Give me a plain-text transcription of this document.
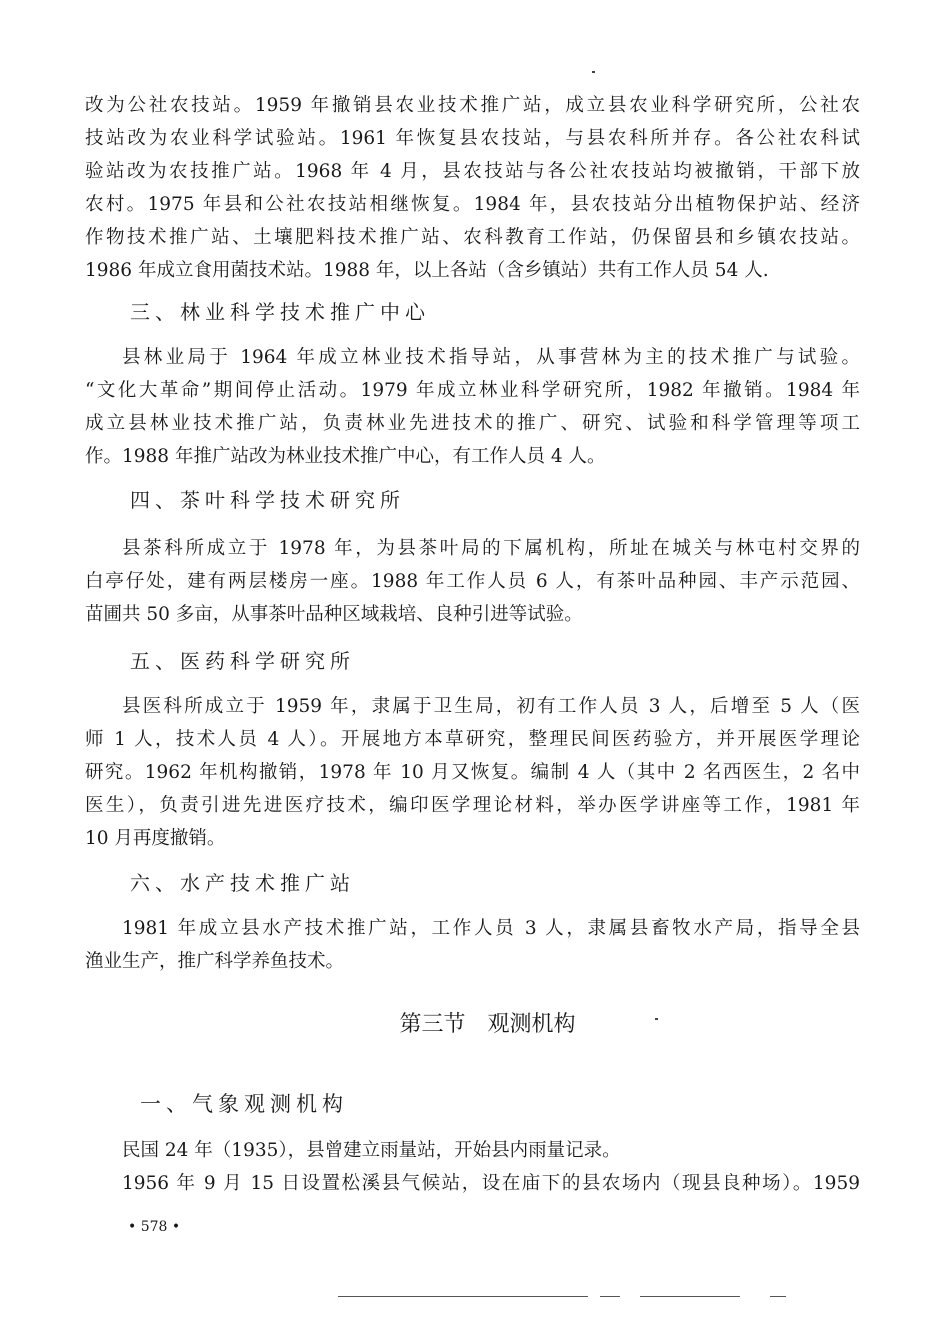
改为公社农技站。1959 年撤销县农业技术推广站，成立县农业科学研究所，公社农
技站改为农业科学试验站。1961 年恢复县农技站，与县农科所并存。各公社农科试
验站改为农技推广站。1968 年 4 月，县农技站与各公社农技站均被撤销，干部下放
农村。1975 年县和公社农技站相继恢复。1984 年，县农技站分出植物保护站、经济
作物技术推广站、土壤肥料技术推广站、农科教育工作站，仍保留县和乡镇农技站。
1986 年成立食用菌技术站。1988 年，以上各站（含乡镇站）共有工作人员 54 人.
三、林业科学技术推广中心
县林业局于 1964 年成立林业技术指导站，从事营林为主的技术推广与试验。
“文化大革命”期间停止活动。1979 年成立林业科学研究所，1982 年撤销。1984 年
成立县林业技术推广站，负责林业先进技术的推广、研究、试验和科学管理等项工
作。1988 年推广站改为林业技术推广中心，有工作人员 4 人。
四、茶叶科学技术研究所
县茶科所成立于 1978 年，为县茶叶局的下属机构，所址在城关与林屯村交界的
白亭仔处，建有两层楼房一座。1988 年工作人员 6 人，有茶叶品种园、丰产示范园、
苗圃共 50 多亩，从事茶叶品种区域栽培、良种引进等试验。
五、医药科学研究所
县医科所成立于 1959 年，隶属于卫生局，初有工作人员 3 人，后增至 5 人（医
师 1 人，技术人员 4 人）。开展地方本草研究，整理民间医药验方，并开展医学理论
研究。1962 年机构撤销，1978 年 10 月又恢复。编制 4 人（其中 2 名西医生，2 名中
医生），负责引进先进医疗技术，编印医学理论材料，举办医学讲座等工作，1981 年
10 月再度撤销。
六、水产技术推广站
1981 年成立县水产技术推广站，工作人员 3 人，隶属县畜牧水产局，指导全县
渔业生产，推广科学养鱼技术。
第三节　观测机构
一、气象观测机构
民国 24 年（1935），县曾建立雨量站，开始县内雨量记录。
1956 年 9 月 15 日设置松溪县气候站，设在庙下的县农场内（现县良种场）。1959
• 578 •
